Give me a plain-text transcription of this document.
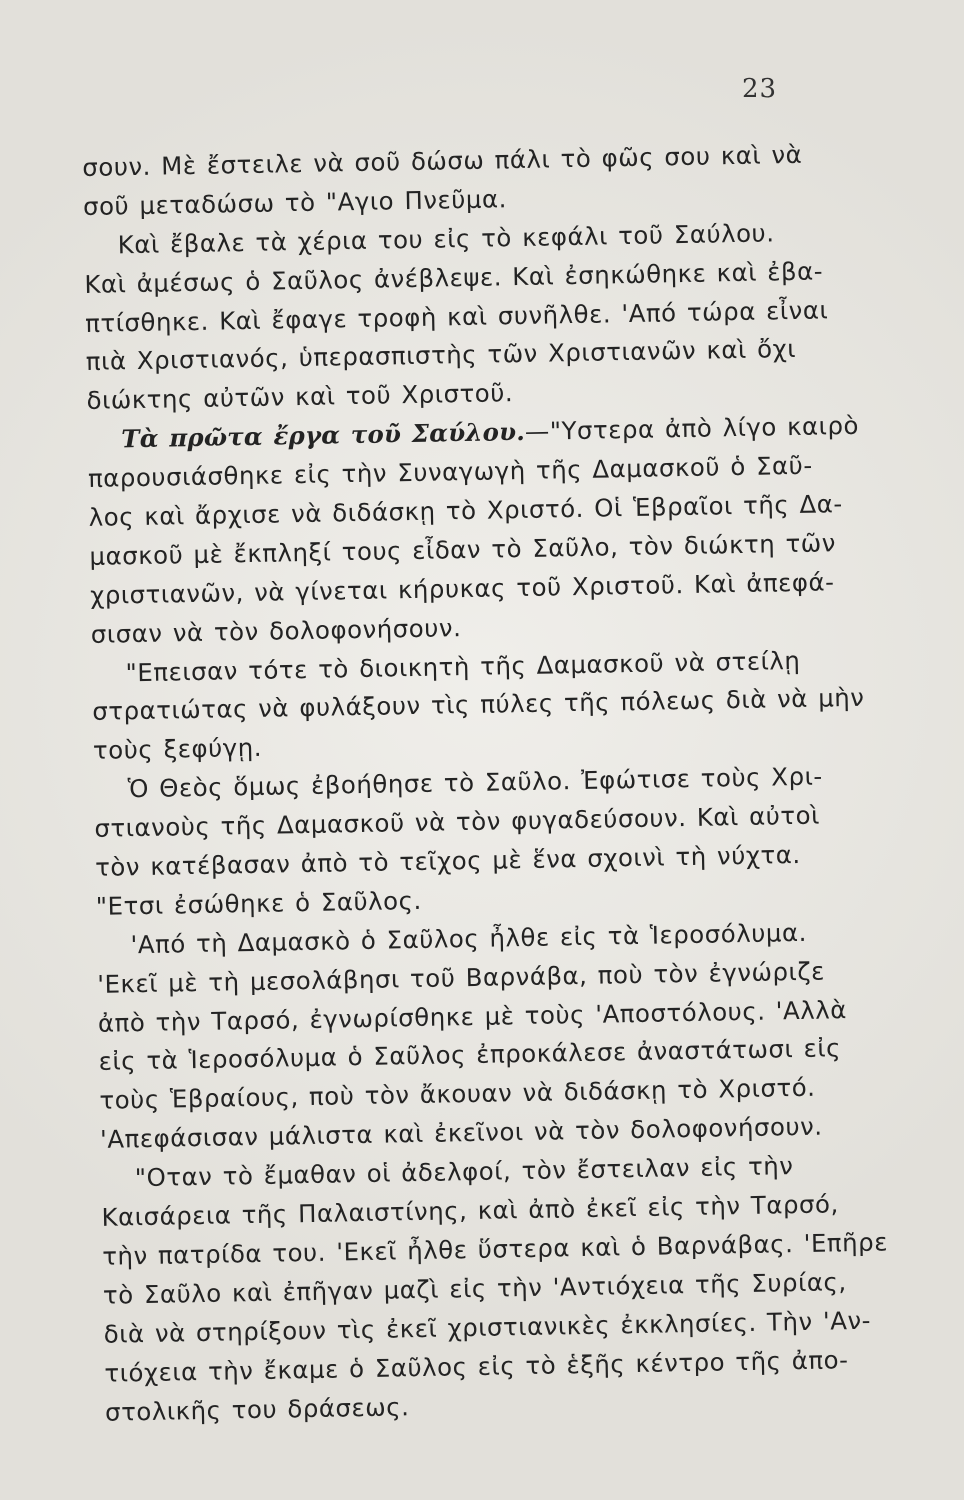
23
σουν. Μὲ ἔστειλε νὰ σοῦ δώσω πάλι τὸ φῶς σου καὶ νὰ
σοῦ μεταδώσω τὸ "Αγιο Πνεῦμα.
Καὶ ἔβαλε τὰ χέρια του εἰς τὸ κεφάλι τοῦ Σαύλου.
Καὶ ἀμέσως ὁ Σαῦλος ἀνέβλεψε. Καὶ ἐσηκώθηκε καὶ ἐβα-
πτίσθηκε. Καὶ ἔφαγε τροφὴ καὶ συνῆλθε. 'Από τώρα εἶναι
πιὰ Χριστιανός, ὑπερασπιστὴς τῶν Χριστιανῶν καὶ ὄχι
διώκτης αὐτῶν καὶ τοῦ Χριστοῦ.
Τὰ πρῶτα ἔργα τοῦ Σαύλου.—"Υστερα ἀπὸ λίγο καιρὸ
παρουσιάσθηκε εἰς τὴν Συναγωγὴ τῆς Δαμασκοῦ ὁ Σαῦ-
λος καὶ ἄρχισε νὰ διδάσκῃ τὸ Χριστό. Οἱ Ἑβραῖοι τῆς Δα-
μασκοῦ μὲ ἔκπληξί τους εἶδαν τὸ Σαῦλο, τὸν διώκτη τῶν
χριστιανῶν, νὰ γίνεται κήρυκας τοῦ Χριστοῦ. Καὶ ἀπεφά-
σισαν νὰ τὸν δολοφονήσουν.
"Επεισαν τότε τὸ διοικητὴ τῆς Δαμασκοῦ νὰ στείλῃ
στρατιώτας νὰ φυλάξουν τὶς πύλες τῆς πόλεως διὰ νὰ μὴν
τοὺς ξεφύγῃ.
Ὁ Θεὸς ὅμως ἐβοήθησε τὸ Σαῦλο. Ἐφώτισε τοὺς Χρι-
στιανοὺς τῆς Δαμασκοῦ νὰ τὸν φυγαδεύσουν. Καὶ αὐτοὶ
τὸν κατέβασαν ἀπὸ τὸ τεῖχος μὲ ἕνα σχοινὶ τὴ νύχτα.
"Ετσι ἐσώθηκε ὁ Σαῦλος.
'Από τὴ Δαμασκὸ ὁ Σαῦλος ἦλθε εἰς τὰ Ἱεροσόλυμα.
'Εκεῖ μὲ τὴ μεσολάβησι τοῦ Βαρνάβα, ποὺ τὸν ἐγνώριζε
ἀπὸ τὴν Ταρσό, ἐγνωρίσθηκε μὲ τοὺς 'Αποστόλους. 'Αλλὰ
εἰς τὰ Ἱεροσόλυμα ὁ Σαῦλος ἐπροκάλεσε ἀναστάτωσι εἰς
τοὺς Ἑβραίους, ποὺ τὸν ἄκουαν νὰ διδάσκῃ τὸ Χριστό.
'Απεφάσισαν μάλιστα καὶ ἐκεῖνοι νὰ τὸν δολοφονήσουν.
"Οταν τὸ ἔμαθαν οἱ ἀδελφοί, τὸν ἔστειλαν εἰς τὴν
Καισάρεια τῆς Παλαιστίνης, καὶ ἀπὸ ἐκεῖ εἰς τὴν Ταρσό,
τὴν πατρίδα του. 'Εκεῖ ἦλθε ὕστερα καὶ ὁ Βαρνάβας. 'Επῆρε
τὸ Σαῦλο καὶ ἐπῆγαν μαζὶ εἰς τὴν 'Αντιόχεια τῆς Συρίας,
διὰ νὰ στηρίξουν τὶς ἐκεῖ χριστιανικὲς ἐκκλησίες. Τὴν 'Αν-
τιόχεια τὴν ἔκαμε ὁ Σαῦλος εἰς τὸ ἑξῆς κέντρο τῆς ἀπο-
στολικῆς του δράσεως.
